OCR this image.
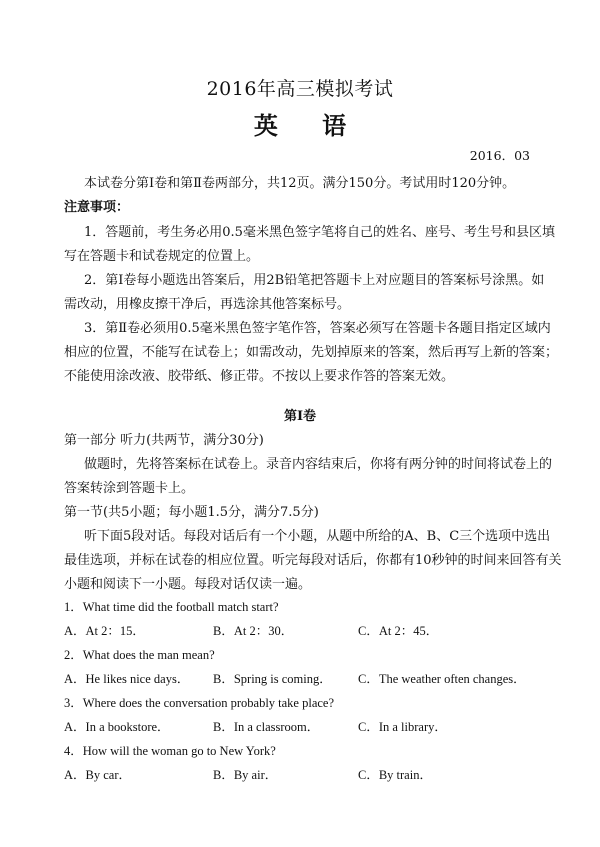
2016年高三模拟考试
英 语
2016．03
本试卷分第Ⅰ卷和第Ⅱ卷两部分，共12页。满分150分。考试用时120分钟。
注意事项：
1．答题前，考生务必用0.5毫米黑色签字笔将自己的姓名、座号、考生号和县区填
写在答题卡和试卷规定的位置上。
2．第Ⅰ卷每小题选出答案后，用2B铅笔把答题卡上对应题目的答案标号涂黑。如
需改动，用橡皮擦干净后，再选涂其他答案标号。
3．第Ⅱ卷必须用0.5毫米黑色签字笔作答，答案必须写在答题卡各题目指定区域内
相应的位置，不能写在试卷上；如需改动，先划掉原来的答案，然后再写上新的答案；
不能使用涂改液、胶带纸、修正带。不按以上要求作答的答案无效。
第Ⅰ卷
第一部分 听力(共两节，满分30分)
做题时，先将答案标在试卷上。录音内容结束后，你将有两分钟的时间将试卷上的
答案转涂到答题卡上。
第一节(共5小题；每小题1.5分，满分7.5分)
听下面5段对话。每段对话后有一个小题，从题中所给的A、B、C三个选项中选出
最佳选项，并标在试卷的相应位置。听完每段对话后，你都有10秒钟的时间来回答有关
小题和阅读下一小题。每段对话仅读一遍。
1．What time did the football match start?
A．At 2：15．	B．At 2：30．	C．At 2：45．
2．What does the man mean?
A．He likes nice days． B．Spring is coming． C．The weather often changes．
3．Where does the conversation probably take place?
A．In a bookstore．	B．In a classroom．	C．In a library．
4．How will the woman go to New York?
A．By car．	B．By air．	C．By train．
